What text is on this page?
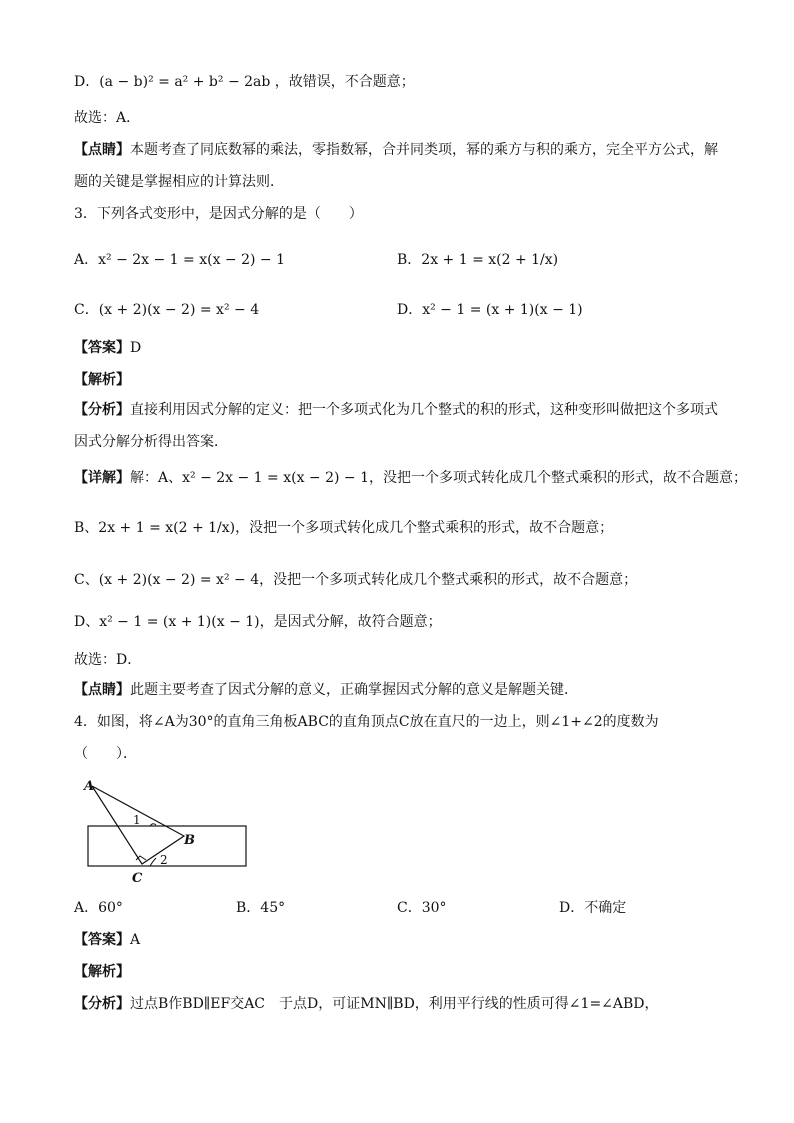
D．(a − b)² = a² + b² − 2ab ，故错误，不合题意；
故选：A．
【点睛】本题考查了同底数幂的乘法，零指数幂，合并同类项，幂的乘方与积的乘方，完全平方公式，解
题的关键是掌握相应的计算法则．
3．下列各式变形中，是因式分解的是（　　）
A．x² − 2x − 1 = x(x − 2) − 1	B．2x + 1 = x(2 + 1/x)
C．(x + 2)(x − 2) = x² − 4	D．x² − 1 = (x + 1)(x − 1)
【答案】D
【解析】
【分析】直接利用因式分解的定义：把一个多项式化为几个整式的积的形式，这种变形叫做把这个多项式
因式分解分析得出答案．
【详解】解：A、x² − 2x − 1 = x(x − 2) − 1，没把一个多项式转化成几个整式乘积的形式，故不合题意；
B、2x + 1 = x(2 + 1/x)，没把一个多项式转化成几个整式乘积的形式，故不合题意；
C、(x + 2)(x − 2) = x² − 4，没把一个多项式转化成几个整式乘积的形式，故不合题意；
D、x² − 1 = (x + 1)(x − 1)，是因式分解，故符合题意；
故选：D．
【点睛】此题主要考查了因式分解的意义，正确掌握因式分解的意义是解题关键．
4．如图，将∠A为30°的直角三角板ABC的直角顶点C放在直尺的一边上，则∠1+∠2的度数为
（　　）．
A
B
C
1
2
A．60°	B．45°	C．30°	D．不确定
【答案】A
【解析】
【分析】过点B作BD∥EF交AC　于点D，可证MN∥BD，利用平行线的性质可得∠1=∠ABD，
